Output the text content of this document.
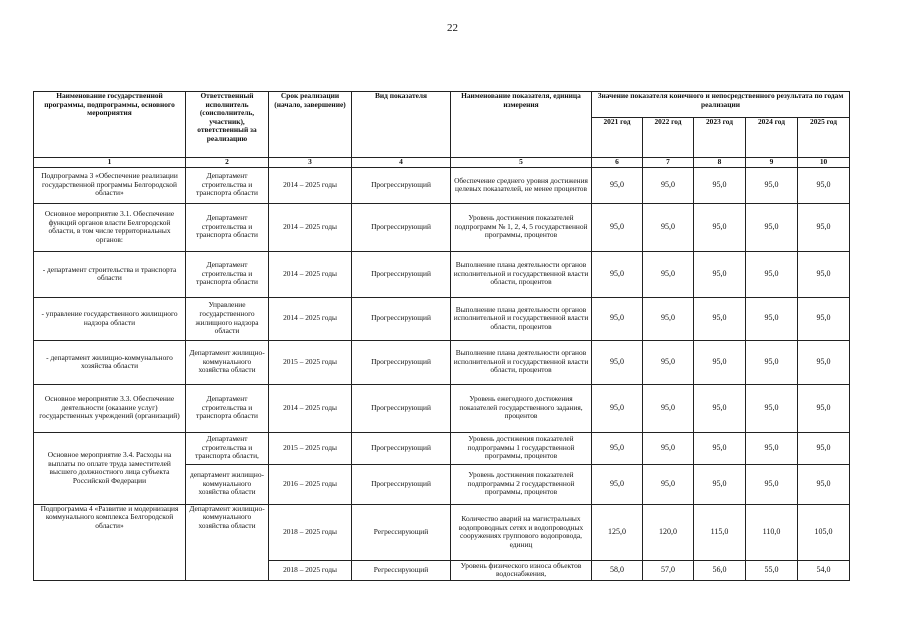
22
Наименование государственной программы, подпрограммы, основного мероприятия	Ответственный исполнитель (соисполнитель, участник), ответственный за реализацию	Срок реализации (начало, завершение)	Вид показателя	Наименование показателя, единица измерения	Значение показателя конечного и непосредственного результата по годам реализации				
					2021 год	2022 год	2023 год	2024 год	2025 год
1	2	3	4	5	6	7	8	9	10
Подпрограмма 3 «Обеспечение реализации государственной программы Белгородской области»	Департамент строительства и транспорта области	2014 – 2025 годы	Прогрессирующий	Обеспечение среднего уровня достижения целевых показателей, не менее процентов	95,0	95,0	95,0	95,0	95,0
Основное мероприятие 3.1. Обеспечение функций органов власти Белгородской области, в том числе территориальных органов:	Департамент строительства и транспорта области	2014 – 2025 годы	Прогрессирующий	Уровень достижения показателей подпрограмм № 1, 2, 4, 5 государственной программы, процентов	95,0	95,0	95,0	95,0	95,0
- департамент строительства и транспорта области	Департамент строительства и транспорта области	2014 – 2025 годы	Прогрессирующий	Выполнение плана деятельности органов исполнительной и государственной власти области, процентов	95,0	95,0	95,0	95,0	95,0
- управление государственного жилищного надзора области	Управление государственного жилищного надзора области	2014 – 2025 годы	Прогрессирующий	Выполнение плана деятельности органов исполнительной и государственной власти области, процентов	95,0	95,0	95,0	95,0	95,0
- департамент жилищно-коммунального хозяйства области	Департамент жилищно-коммунального хозяйства области	2015 – 2025 годы	Прогрессирующий	Выполнение плана деятельности органов исполнительной и государственной власти области, процентов	95,0	95,0	95,0	95,0	95,0
Основное мероприятие 3.3. Обеспечение деятельности (оказание услуг) государственных учреждений (организаций)	Департамент строительства и транспорта области	2014 – 2025 годы	Прогрессирующий	Уровень ежегодного достижения показателей государственного задания, процентов	95,0	95,0	95,0	95,0	95,0
Основное мероприятие 3.4. Расходы на выплаты по оплате труда заместителей высшего должностного лица субъекта Российской Федерации	Департамент строительства и транспорта области,	2015 – 2025 годы	Прогрессирующий	Уровень достижения показателей подпрограммы 1 государственной программы, процентов	95,0	95,0	95,0	95,0	95,0
	департамент жилищно-коммунального хозяйства области	2016 – 2025 годы	Прогрессирующий	Уровень достижения показателей подпрограммы 2 государственной программы, процентов	95,0	95,0	95,0	95,0	95,0
Подпрограмма 4 «Развитие и модернизация коммунального комплекса Белгородской области»	Департамент жилищно-коммунального хозяйства области	2018 – 2025 годы	Регрессирующий	Количество аварий на магистральных водопроводных сетях и водопроводных сооружениях группового водопровода, единиц	125,0	120,0	115,0	110,0	105,0
		2018 – 2025 годы	Регрессирующий	Уровень физического износа объектов водоснабжения,	58,0	57,0	56,0	55,0	54,0
